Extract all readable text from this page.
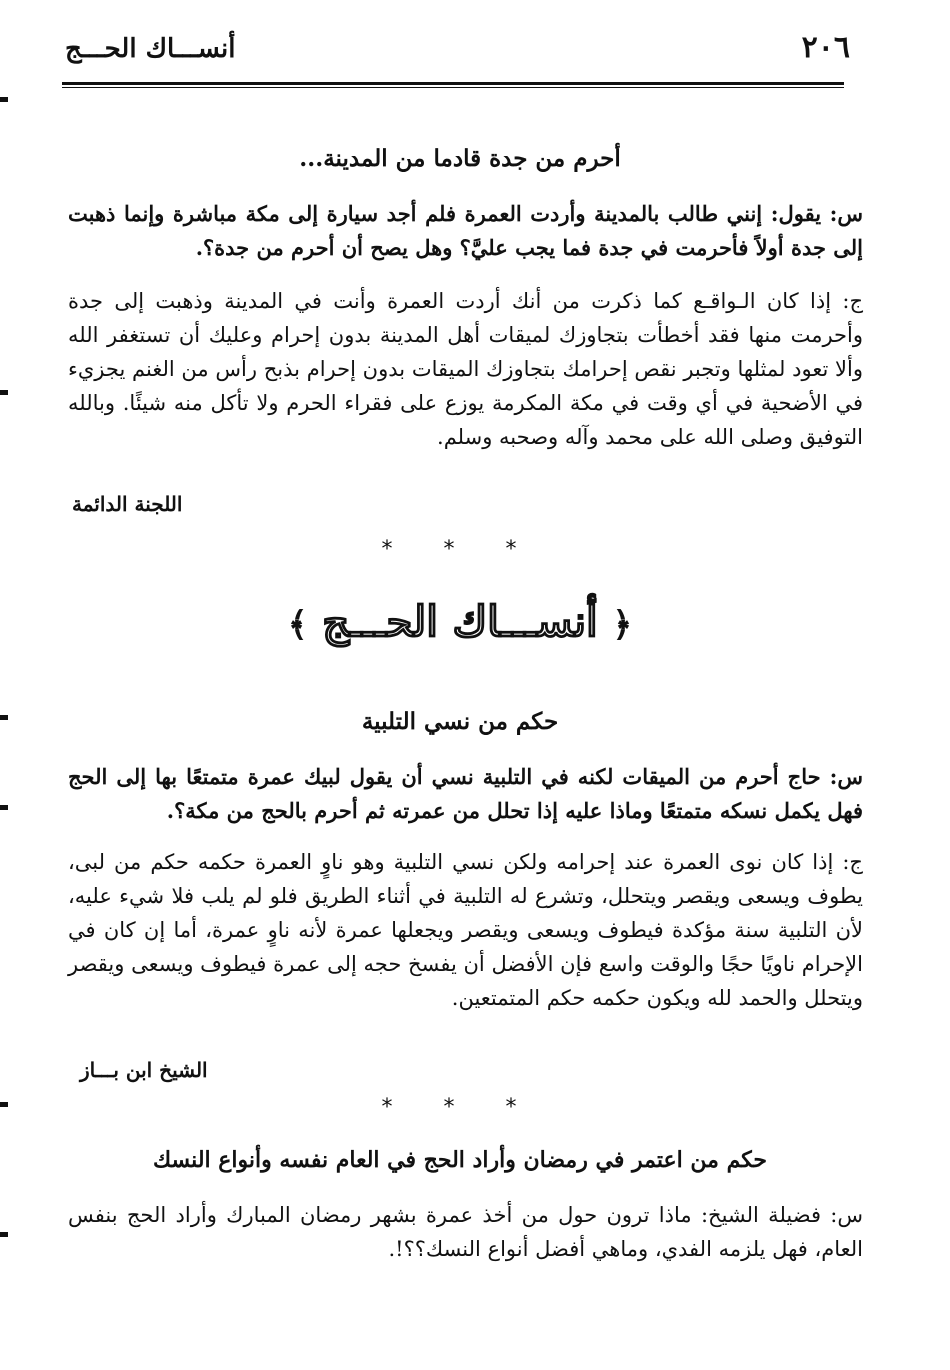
٢٠٦
أنســـاك الحـــج
أحرم من جدة قادما من المدينة...
س: يقول: إنني طالب بالمدينة وأردت العمرة فلم أجد سيارة إلى مكة مباشرة وإنما ذهبت إلى جدة أولاً فأحرمت في جدة فما يجب عليَّ؟ وهل يصح أن أحرم من جدة؟.
ج: إذا كان الـواقـع كما ذكرت من أنك أردت العمرة وأنت في المدينة وذهبت إلى جدة وأحرمت منها فقد أخطأت بتجاوزك لميقات أهل المدينة بدون إحرام وعليك أن تستغفر الله وألا تعود لمثلها وتجبر نقص إحرامك بتجاوزك الميقات بدون إحرام بذبح رأس من الغنم يجزيء في الأضحية في أي وقت في مكة المكرمة يوزع على فقراء الحرم ولا تأكل منه شيئًا. وبالله التوفيق وصلى الله على محمد وآله وصحبه وسلم.
اللجنة الدائمة
* * *
﴿ أنســـاك الحـــج ﴾
حكم من نسي التلبية
س: حاج أحرم من الميقات لكنه في التلبية نسي أن يقول لبيك عمرة متمتعًا بها إلى الحج فهل يكمل نسكه متمتعًا وماذا عليه إذا تحلل من عمرته ثم أحرم بالحج من مكة؟.
ج: إذا كان نوى العمرة عند إحرامه ولكن نسي التلبية وهو ناوٍ العمرة حكمه حكم من لبى، يطوف ويسعى ويقصر ويتحلل، وتشرع له التلبية في أثناء الطريق فلو لم يلب فلا شيء عليه، لأن التلبية سنة مؤكدة فيطوف ويسعى ويقصر ويجعلها عمرة لأنه ناوٍ عمرة، أما إن كان في الإحرام ناويًا حجًا والوقت واسع فإن الأفضل أن يفسخ حجه إلى عمرة فيطوف ويسعى ويقصر ويتحلل والحمد لله ويكون حكمه حكم المتمتعين.
الشيخ ابن بـــاز
* * *
حكم من اعتمر في رمضان وأراد الحج في العام نفسه وأنواع النسك
س: فضيلة الشيخ: ماذا ترون حول من أخذ عمرة بشهر رمضان المبارك وأراد الحج بنفس العام، فهل يلزمه الفدي، وماهي أفضل أنواع النسك؟؟!.
